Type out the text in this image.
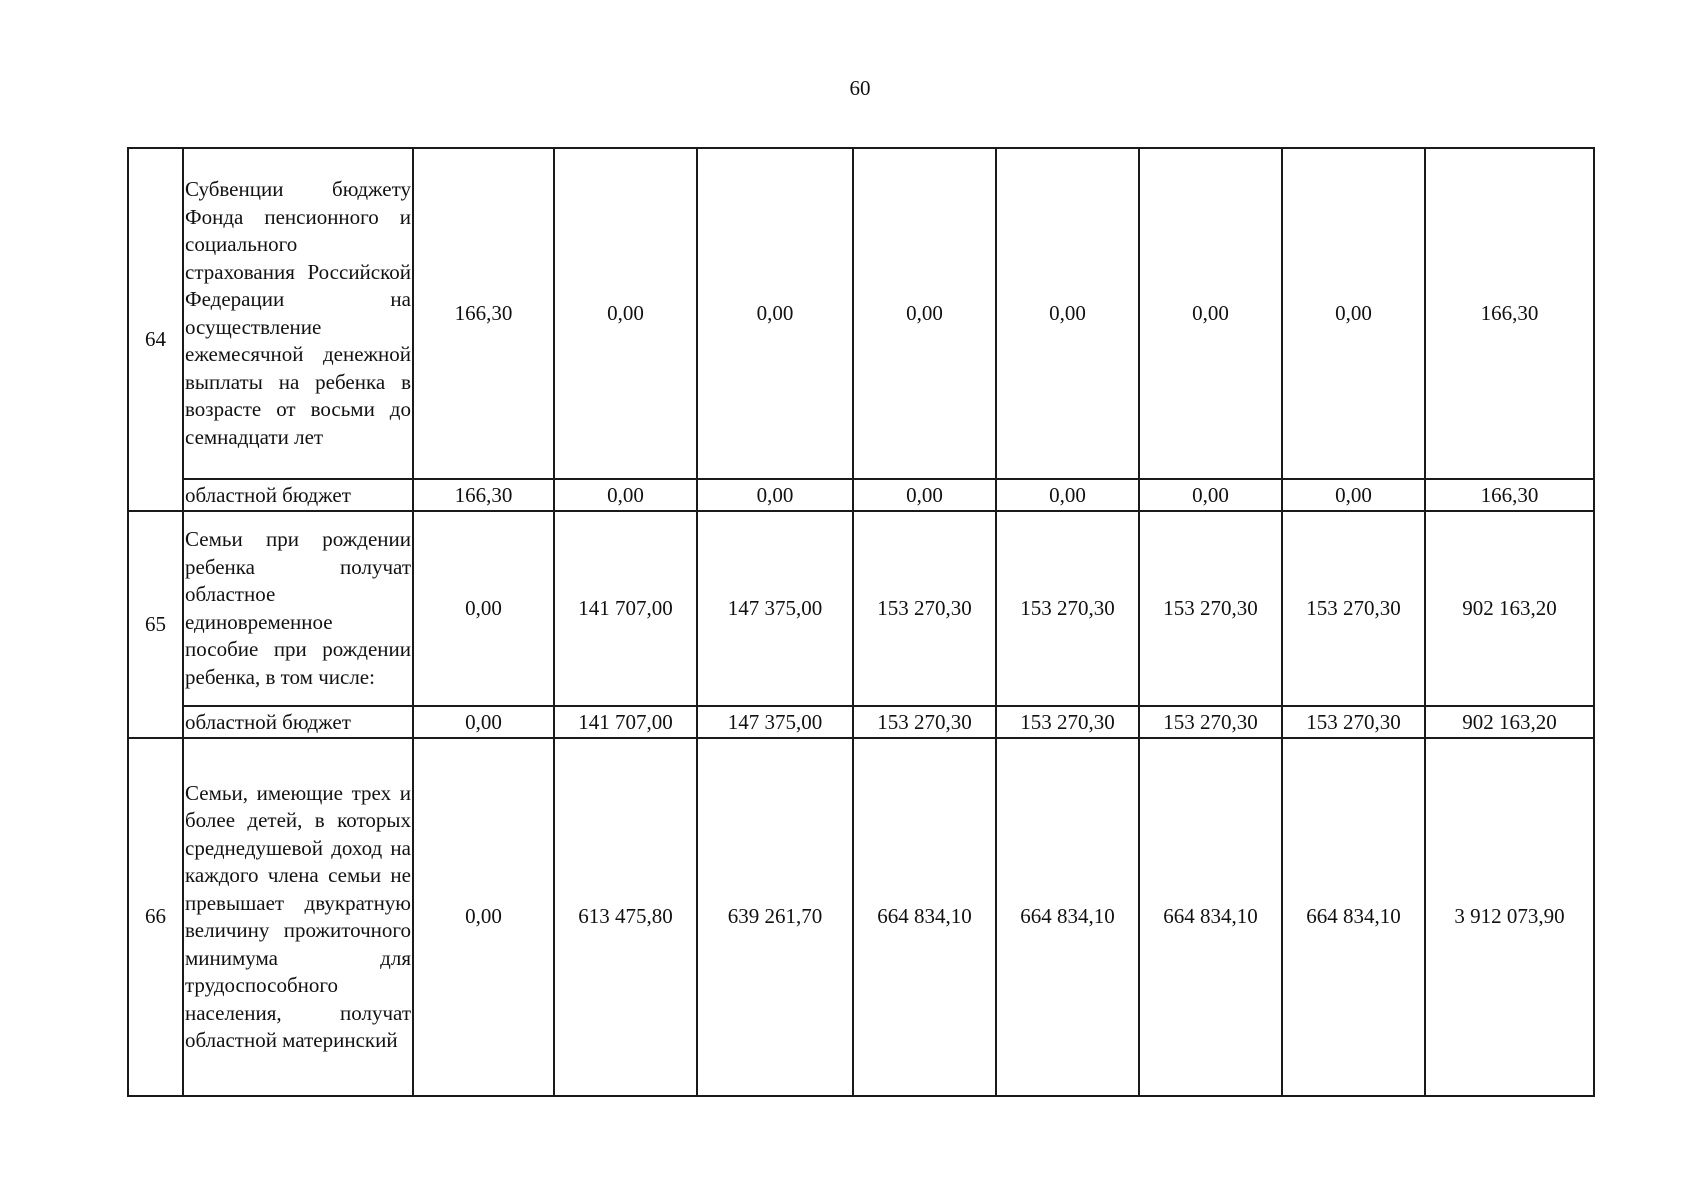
60
64	Субвенции бюджету Фонда пенсионного и социального страхования Российской Федерации на осуществление ежемесячной денежной выплаты на ребенка в возрасте от восьми до семнадцати лет	166,30	0,00	0,00	0,00	0,00	0,00	0,00	166,30
	областной бюджет	166,30	0,00	0,00	0,00	0,00	0,00	0,00	166,30
65	Семьи при рождении ребенка получат областное единовременное пособие при рождении ребенка, в том числе:	0,00	141 707,00	147 375,00	153 270,30	153 270,30	153 270,30	153 270,30	902 163,20
	областной бюджет	0,00	141 707,00	147 375,00	153 270,30	153 270,30	153 270,30	153 270,30	902 163,20
66	Семьи, имеющие трех и более детей, в которых среднедушевой доход на каждого члена семьи не превышает двукратную величину прожиточного минимума для трудоспособного населения, получат областной материнский	0,00	613 475,80	639 261,70	664 834,10	664 834,10	664 834,10	664 834,10	3 912 073,90
